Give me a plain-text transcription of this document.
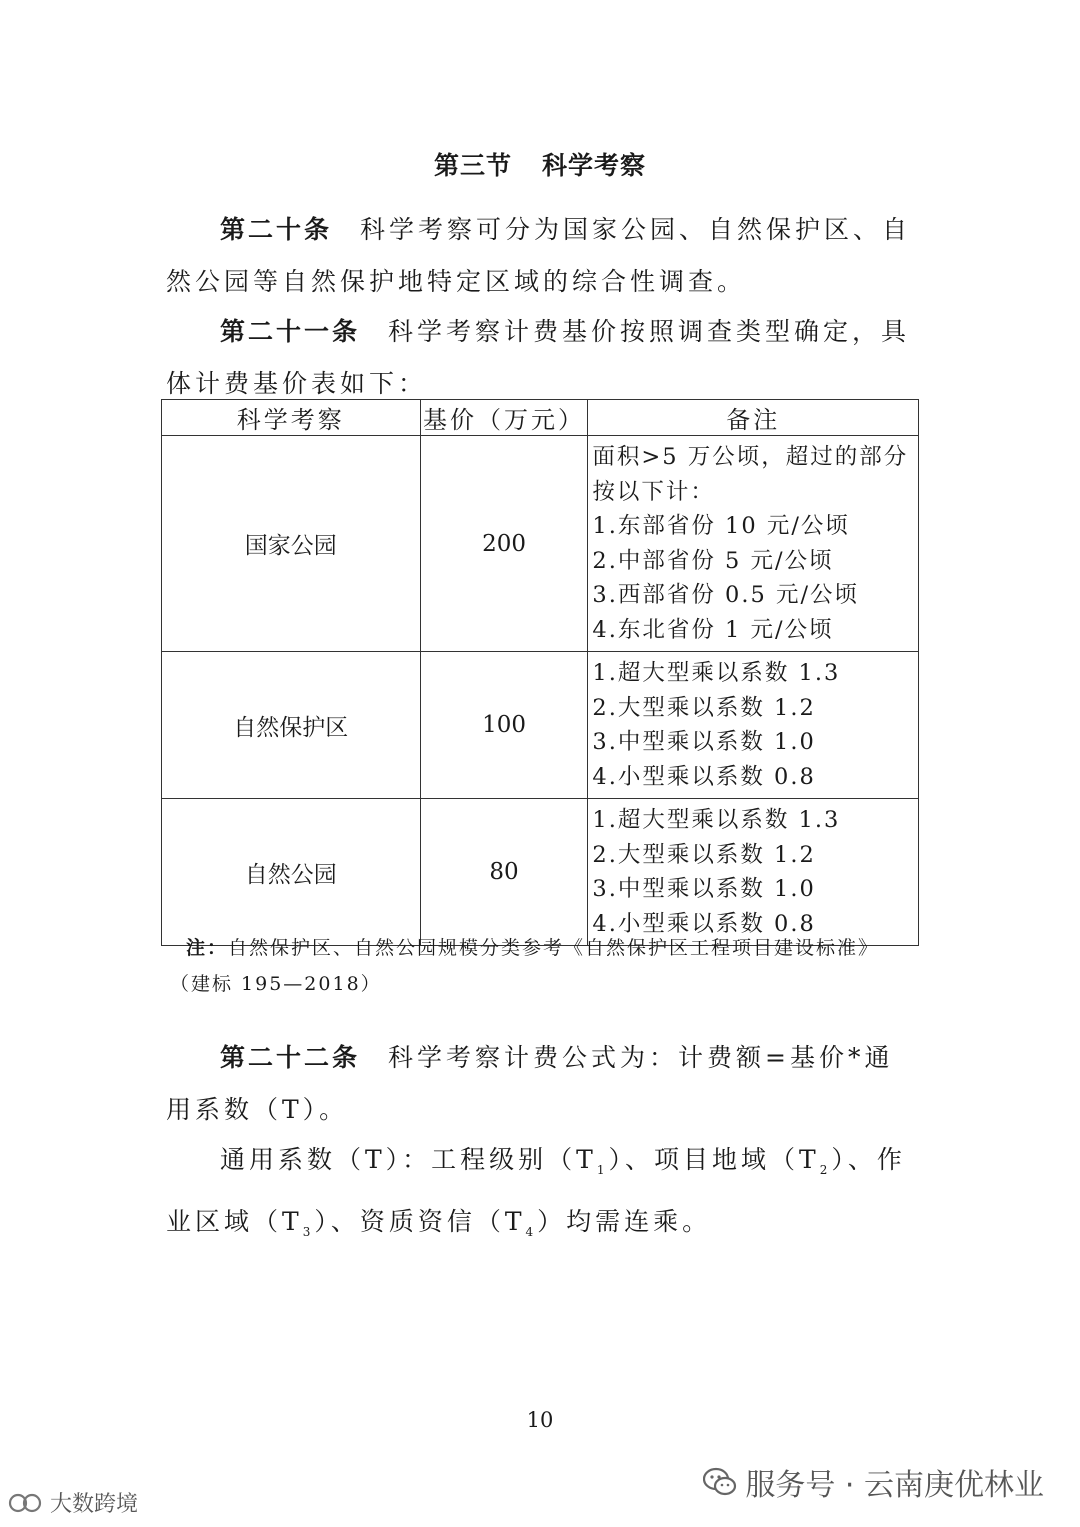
第三节 科学考察
第二十条 科学考察可分为国家公园、自然保护区、自然公园等自然保护地特定区域的综合性调查。
第二十一条 科学考察计费基价按照调查类型确定，具体计费基价表如下：
科学考察	基价（万元）	备注
国家公园	200	面积>5 万公顷，超过的部分按以下计：
1.东部省份 10 元/公顷
2.中部省份 5 元/公顷
3.西部省份 0.5 元/公顷
4.东北省份 1 元/公顷

自然保护区	100	1.超大型乘以系数 1.3
2.大型乘以系数 1.2
3.中型乘以系数 1.0
4.小型乘以系数 0.8

自然公园	80	1.超大型乘以系数 1.3
2.大型乘以系数 1.2
3.中型乘以系数 1.0
4.小型乘以系数 0.8
注：自然保护区、自然公园规模分类参考《自然保护区工程项目建设标准》
（建标 195—2018）
第二十二条 科学考察计费公式为：计费额=基价*通用系数（T）。
通用系数（T）：工程级别$(T_1)$、项目地域$(T_2)$、作业区域$(T_3)$、资质资信$(T_4)$均需连乘。
10
服务号 · 云南庚优林业
大数跨境
